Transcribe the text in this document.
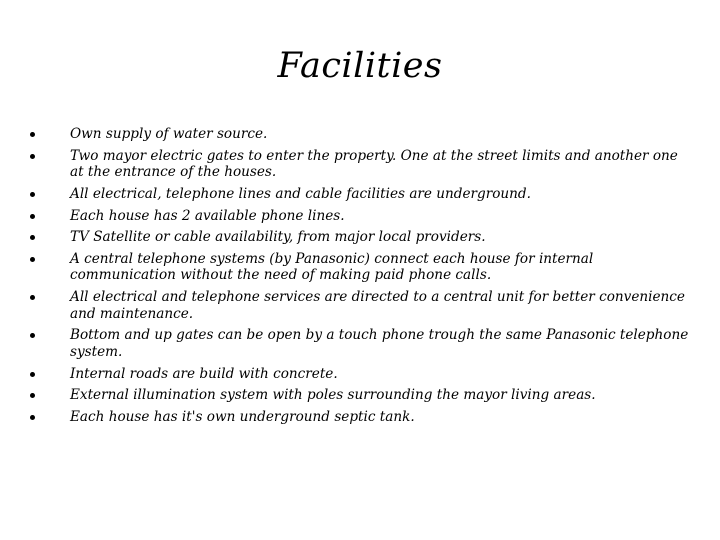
Facilities
Own supply of water source.
Two mayor electric gates to enter the property. One at the street limits and another one at the entrance of the houses.
All electrical, telephone lines and cable facilities are underground.
Each house has 2 available phone lines.
TV Satellite or cable availability, from major local providers.
A central telephone systems (by Panasonic) connect each house for internal communication without the need of making paid phone calls.
All electrical and telephone services are directed to a central unit for better convenience and maintenance.
Bottom and up gates can be open by a touch phone trough the same Panasonic telephone system.
Internal roads are build with concrete.
External illumination system with poles surrounding the mayor living areas.
Each house has it's own underground septic tank.
